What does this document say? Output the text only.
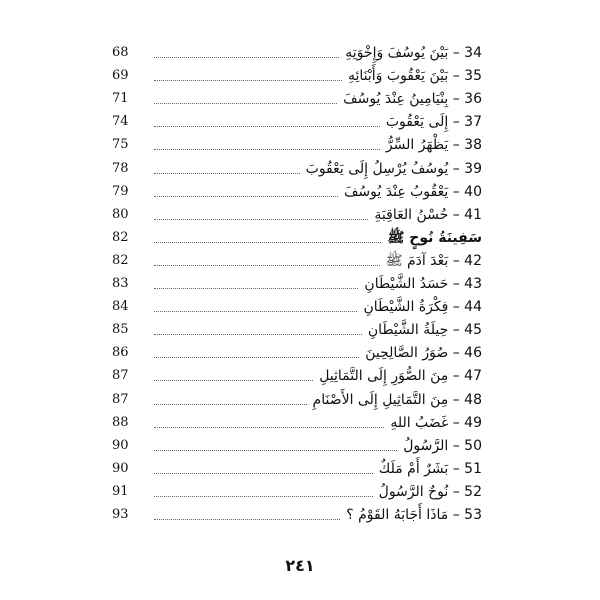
68	34 – بَيْنَ يُوسُفَ وَإِخْوَتِهِ
69	35 – بَيْنَ يَعْقُوبَ وَأَبْنَائِهِ
71	36 – بِنْيَامِينُ عِنْدَ يُوسُفَ
74	37 – إِلَى يَعْقُوبَ
75	38 – يَظْهَرُ السِّرُّ
78	39 – يُوسُفُ يُرْسِلُ إِلَى يَعْقُوبَ
79	40 – يَعْقُوبُ عِنْدَ يُوسُفَ
80	41 – حُسْنُ العَاقِبَةِ
82	سَفِينَةُ نُوحٍ ﷺ
82	42 – بَعْدَ آدَمَ ﷺ
83	43 – حَسَدُ الشَّيْطَانِ
84	44 – فِكْرَةُ الشَّيْطَانِ
85	45 – حِيلَةُ الشَّيْطَانِ
86	46 – صُوَرُ الصَّالِحِينَ
87	47 – مِنَ الصُّوَرِ إِلَى التَّمَاثِيلِ
87	48 – مِنَ التَّمَاثِيلِ إِلَى الأَصْنَامِ
88	49 – غَضَبُ اللهِ
90	50 – الرَّسُولُ
90	51 – بَشَرٌ أَمْ مَلَكٌ
91	52 – نُوحٌ الرَّسُولُ
93	53 – مَاذَا أَجَابَهُ القَوْمُ ؟
٢٤١
